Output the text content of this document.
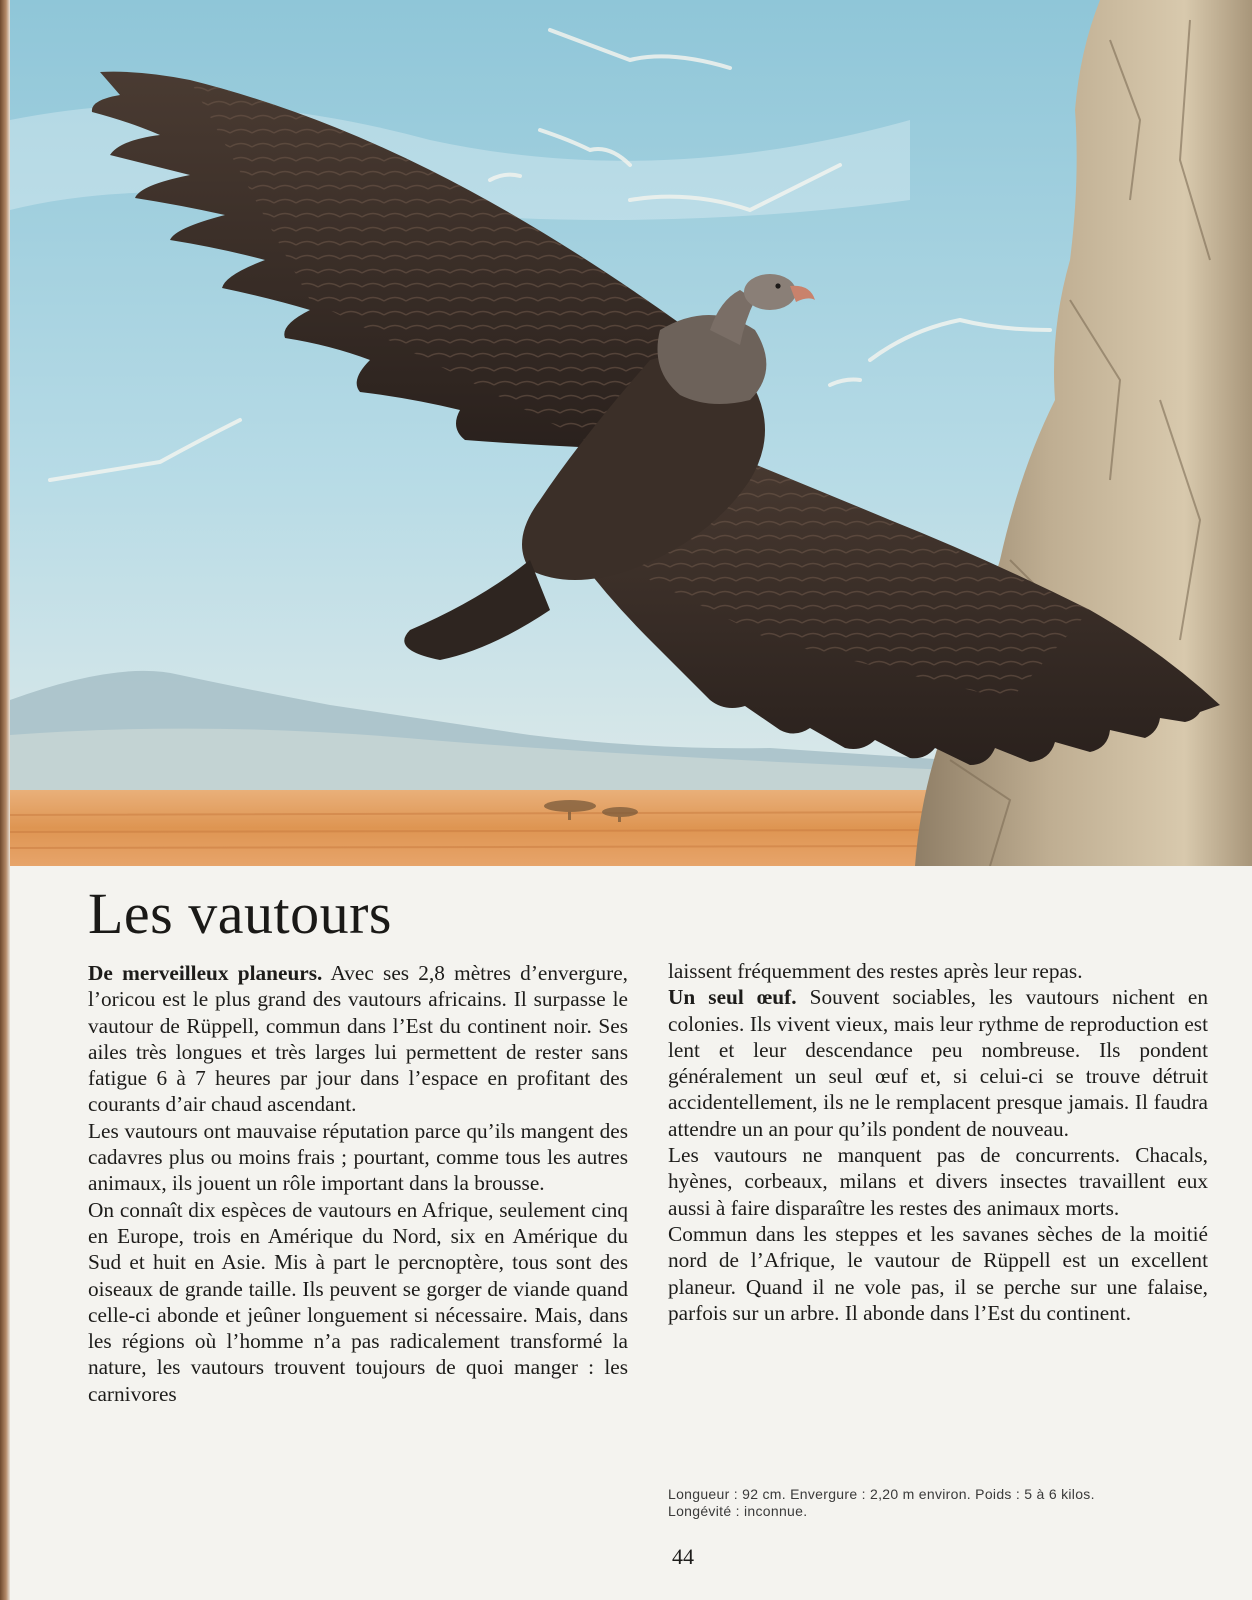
Les vautours

De merveilleux planeurs. Avec ses 2,8 mètres d’envergure, l’oricou est le plus grand des vautours africains. Il surpasse le vautour de Rüppell, commun dans l’Est du continent noir. Ses ailes très longues et très larges lui permettent de rester sans fatigue 6 à 7 heures par jour dans l’espace en profitant des courants d’air chaud ascendant.

Les vautours ont mauvaise réputation parce qu’ils mangent des cadavres plus ou moins frais ; pourtant, comme tous les autres animaux, ils jouent un rôle important dans la brousse.

On connaît dix espèces de vautours en Afrique, seulement cinq en Europe, trois en Amérique du Nord, six en Amérique du Sud et huit en Asie. Mis à part le percnoptère, tous sont des oiseaux de grande taille. Ils peuvent se gorger de viande quand celle-ci abonde et jeûner longuement si nécessaire. Mais, dans les régions où l’homme n’a pas radicalement transformé la nature, les vautours trouvent toujours de quoi manger : les carnivores

laissent fréquemment des restes après leur repas.

Un seul œuf. Souvent sociables, les vautours nichent en colonies. Ils vivent vieux, mais leur rythme de reproduction est lent et leur descendance peu nombreuse. Ils pondent généralement un seul œuf et, si celui-ci se trouve détruit accidentellement, ils ne le remplacent presque jamais. Il faudra attendre un an pour qu’ils pondent de nouveau.

Les vautours ne manquent pas de concurrents. Chacals, hyènes, corbeaux, milans et divers insectes travaillent eux aussi à faire disparaître les restes des animaux morts.

Commun dans les steppes et les savanes sèches de la moitié nord de l’Afrique, le vautour de Rüppell est un excellent planeur. Quand il ne vole pas, il se perche sur une falaise, parfois sur un arbre. Il abonde dans l’Est du continent.

Longueur : 92 cm. Envergure : 2,20 m environ. Poids : 5 à 6 kilos.
Longévité : inconnue.
44
